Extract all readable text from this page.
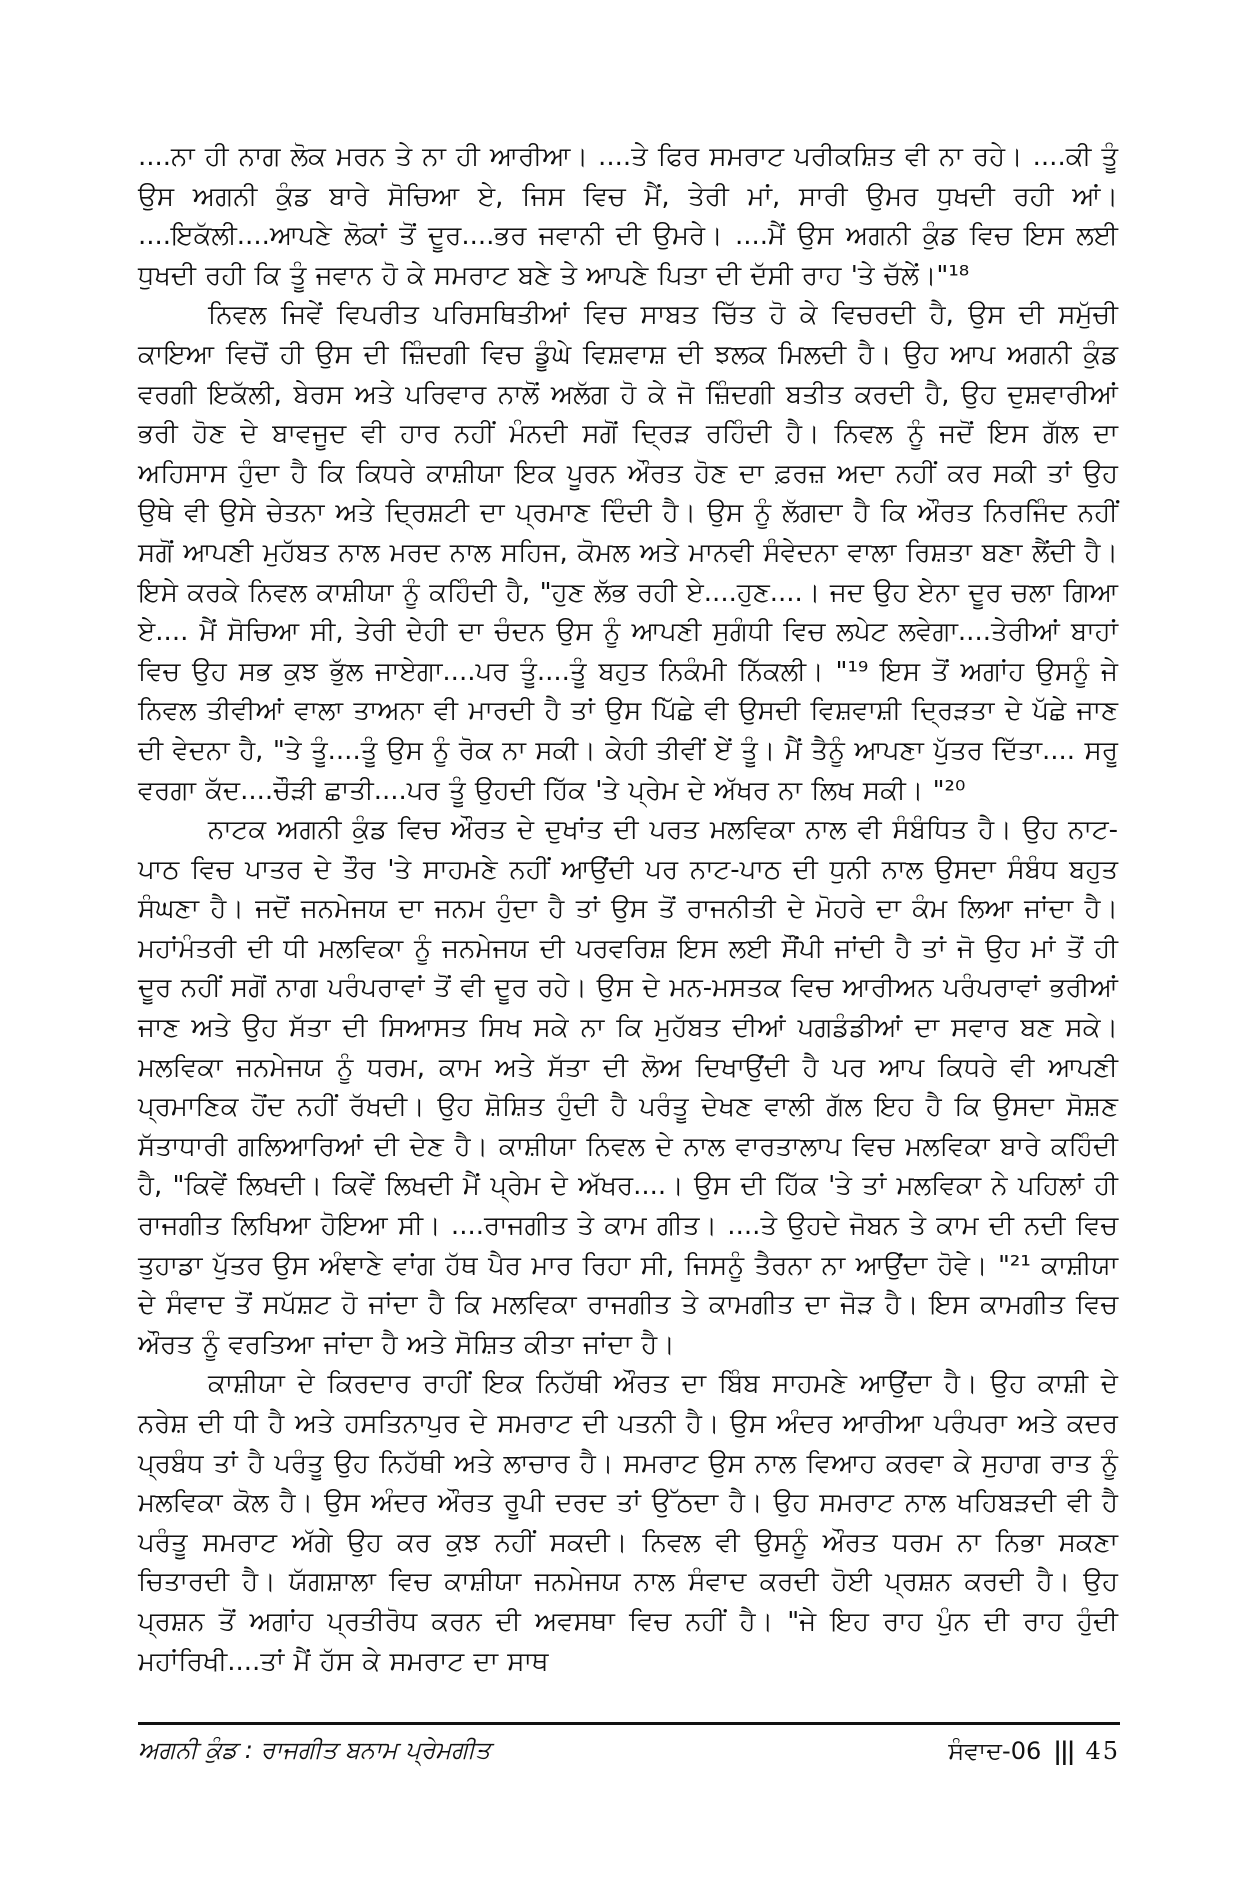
....ਨਾ ਹੀ ਨਾਗ ਲੋਕ ਮਰਨ ਤੇ ਨਾ ਹੀ ਆਰੀਆ। ....ਤੇ ਫਿਰ ਸਮਰਾਟ ਪਰੀਕਸ਼ਿਤ ਵੀ ਨਾ ਰਹੇ। ....ਕੀ ਤੂੰ ਉਸ ਅਗਨੀ ਕੁੰਡ ਬਾਰੇ ਸੋਚਿਆ ਏ, ਜਿਸ ਵਿਚ ਮੈਂ, ਤੇਰੀ ਮਾਂ, ਸਾਰੀ ਉਮਰ ਧੁਖਦੀ ਰਹੀ ਆਂ। ....ਇਕੱਲੀ....ਆਪਣੇ ਲੋਕਾਂ ਤੋਂ ਦੂਰ....ਭਰ ਜਵਾਨੀ ਦੀ ਉਮਰੇ। ....ਮੈਂ ਉਸ ਅਗਨੀ ਕੁੰਡ ਵਿਚ ਇਸ ਲਈ ਧੁਖਦੀ ਰਹੀ ਕਿ ਤੂੰ ਜਵਾਨ ਹੋ ਕੇ ਸਮਰਾਟ ਬਣੇ ਤੇ ਆਪਣੇ ਪਿਤਾ ਦੀ ਦੱਸੀ ਰਾਹ 'ਤੇ ਚੱਲੇਂ।"¹⁸

ਨਿਵਲ ਜਿਵੇਂ ਵਿਪਰੀਤ ਪਰਿਸਥਿਤੀਆਂ ਵਿਚ ਸਾਬਤ ਚਿੱਤ ਹੋ ਕੇ ਵਿਚਰਦੀ ਹੈ, ਉਸ ਦੀ ਸਮੁੱਚੀ ਕਾਇਆ ਵਿਚੋਂ ਹੀ ਉਸ ਦੀ ਜ਼ਿੰਦਗੀ ਵਿਚ ਡੂੰਘੇ ਵਿਸ਼ਵਾਸ਼ ਦੀ ਝਲਕ ਮਿਲਦੀ ਹੈ। ਉਹ ਆਪ ਅਗਨੀ ਕੁੰਡ ਵਰਗੀ ਇਕੱਲੀ, ਬੇਰਸ ਅਤੇ ਪਰਿਵਾਰ ਨਾਲੋਂ ਅਲੱਗ ਹੋ ਕੇ ਜੋ ਜ਼ਿੰਦਗੀ ਬਤੀਤ ਕਰਦੀ ਹੈ, ਉਹ ਦੁਸ਼ਵਾਰੀਆਂ ਭਰੀ ਹੋਣ ਦੇ ਬਾਵਜੂਦ ਵੀ ਹਾਰ ਨਹੀਂ ਮੰਨਦੀ ਸਗੋਂ ਦ੍ਰਿੜ ਰਹਿੰਦੀ ਹੈ। ਨਿਵਲ ਨੂੰ ਜਦੋਂ ਇਸ ਗੱਲ ਦਾ ਅਹਿਸਾਸ ਹੁੰਦਾ ਹੈ ਕਿ ਕਿਧਰੇ ਕਾਸ਼ੀਯਾ ਇਕ ਪੂਰਨ ਔਰਤ ਹੋਣ ਦਾ ਫ਼ਰਜ਼ ਅਦਾ ਨਹੀਂ ਕਰ ਸਕੀ ਤਾਂ ਉਹ ਉਥੇ ਵੀ ਉਸੇ ਚੇਤਨਾ ਅਤੇ ਦ੍ਰਿਸ਼ਟੀ ਦਾ ਪ੍ਰਮਾਣ ਦਿੰਦੀ ਹੈ। ਉਸ ਨੂੰ ਲੱਗਦਾ ਹੈ ਕਿ ਔਰਤ ਨਿਰਜਿੰਦ ਨਹੀਂ ਸਗੋਂ ਆਪਣੀ ਮੁਹੱਬਤ ਨਾਲ ਮਰਦ ਨਾਲ ਸਹਿਜ, ਕੋਮਲ ਅਤੇ ਮਾਨਵੀ ਸੰਵੇਦਨਾ ਵਾਲਾ ਰਿਸ਼ਤਾ ਬਣਾ ਲੈਂਦੀ ਹੈ। ਇਸੇ ਕਰਕੇ ਨਿਵਲ ਕਾਸ਼ੀਯਾ ਨੂੰ ਕਹਿੰਦੀ ਹੈ, "ਹੁਣ ਲੱਭ ਰਹੀ ਏ....ਹੁਣ....। ਜਦ ਉਹ ਏਨਾ ਦੂਰ ਚਲਾ ਗਿਆ ਏ.... ਮੈਂ ਸੋਚਿਆ ਸੀ, ਤੇਰੀ ਦੇਹੀ ਦਾ ਚੰਦਨ ਉਸ ਨੂੰ ਆਪਣੀ ਸੁਗੰਧੀ ਵਿਚ ਲਪੇਟ ਲਵੇਗਾ....ਤੇਰੀਆਂ ਬਾਹਾਂ ਵਿਚ ਉਹ ਸਭ ਕੁਝ ਭੁੱਲ ਜਾਏਗਾ....ਪਰ ਤੂੰ....ਤੂੰ ਬਹੁਤ ਨਿਕੰਮੀ ਨਿੱਕਲੀ। "¹⁹ ਇਸ ਤੋਂ ਅਗਾਂਹ ਉਸਨੂੰ ਜੇ ਨਿਵਲ ਤੀਵੀਆਂ ਵਾਲਾ ਤਾਅਨਾ ਵੀ ਮਾਰਦੀ ਹੈ ਤਾਂ ਉਸ ਪਿੱਛੇ ਵੀ ਉਸਦੀ ਵਿਸ਼ਵਾਸ਼ੀ ਦ੍ਰਿੜਤਾ ਦੇ ਪੱਛੇ ਜਾਣ ਦੀ ਵੇਦਨਾ ਹੈ, "ਤੇ ਤੂੰ....ਤੂੰ ਉਸ ਨੂੰ ਰੋਕ ਨਾ ਸਕੀ। ਕੇਹੀ ਤੀਵੀਂ ਏਂ ਤੂੰ। ਮੈਂ ਤੈਨੂੰ ਆਪਣਾ ਪੁੱਤਰ ਦਿੱਤਾ.... ਸਰੂ ਵਰਗਾ ਕੱਦ....ਚੌੜੀ ਛਾਤੀ....ਪਰ ਤੂੰ ਉਹਦੀ ਹਿੱਕ 'ਤੇ ਪ੍ਰੇਮ ਦੇ ਅੱਖਰ ਨਾ ਲਿਖ ਸਕੀ। "²⁰

ਨਾਟਕ ਅਗਨੀ ਕੁੰਡ ਵਿਚ ਔਰਤ ਦੇ ਦੁਖਾਂਤ ਦੀ ਪਰਤ ਮਲਵਿਕਾ ਨਾਲ ਵੀ ਸੰਬੰਧਿਤ ਹੈ। ਉਹ ਨਾਟ-ਪਾਠ ਵਿਚ ਪਾਤਰ ਦੇ ਤੌਰ 'ਤੇ ਸਾਹਮਣੇ ਨਹੀਂ ਆਉਂਦੀ ਪਰ ਨਾਟ-ਪਾਠ ਦੀ ਧੁਨੀ ਨਾਲ ਉਸਦਾ ਸੰਬੰਧ ਬਹੁਤ ਸੰਘਣਾ ਹੈ। ਜਦੋਂ ਜਨਮੇਜਯ ਦਾ ਜਨਮ ਹੁੰਦਾ ਹੈ ਤਾਂ ਉਸ ਤੋਂ ਰਾਜਨੀਤੀ ਦੇ ਮੋਹਰੇ ਦਾ ਕੰਮ ਲਿਆ ਜਾਂਦਾ ਹੈ। ਮਹਾਂਮੰਤਰੀ ਦੀ ਧੀ ਮਲਵਿਕਾ ਨੂੰ ਜਨਮੇਜਯ ਦੀ ਪਰਵਰਿਸ਼ ਇਸ ਲਈ ਸੌਂਪੀ ਜਾਂਦੀ ਹੈ ਤਾਂ ਜੋ ਉਹ ਮਾਂ ਤੋਂ ਹੀ ਦੂਰ ਨਹੀਂ ਸਗੋਂ ਨਾਗ ਪਰੰਪਰਾਵਾਂ ਤੋਂ ਵੀ ਦੂਰ ਰਹੇ। ਉਸ ਦੇ ਮਨ-ਮਸਤਕ ਵਿਚ ਆਰੀਅਨ ਪਰੰਪਰਾਵਾਂ ਭਰੀਆਂ ਜਾਣ ਅਤੇ ਉਹ ਸੱਤਾ ਦੀ ਸਿਆਸਤ ਸਿਖ ਸਕੇ ਨਾ ਕਿ ਮੁਹੱਬਤ ਦੀਆਂ ਪਗਡੰਡੀਆਂ ਦਾ ਸਵਾਰ ਬਣ ਸਕੇ। ਮਲਵਿਕਾ ਜਨਮੇਜਯ ਨੂੰ ਧਰਮ, ਕਾਮ ਅਤੇ ਸੱਤਾ ਦੀ ਲੋਅ ਦਿਖਾਉਂਦੀ ਹੈ ਪਰ ਆਪ ਕਿਧਰੇ ਵੀ ਆਪਣੀ ਪ੍ਰਮਾਣਿਕ ਹੋਂਦ ਨਹੀਂ ਰੱਖਦੀ। ਉਹ ਸ਼ੋਸ਼ਿਤ ਹੁੰਦੀ ਹੈ ਪਰੰਤੂ ਦੇਖਣ ਵਾਲੀ ਗੱਲ ਇਹ ਹੈ ਕਿ ਉਸਦਾ ਸੋਸ਼ਣ ਸੱਤਾਧਾਰੀ ਗਲਿਆਰਿਆਂ ਦੀ ਦੇਣ ਹੈ। ਕਾਸ਼ੀਯਾ ਨਿਵਲ ਦੇ ਨਾਲ ਵਾਰਤਾਲਾਪ ਵਿਚ ਮਲਵਿਕਾ ਬਾਰੇ ਕਹਿੰਦੀ ਹੈ, "ਕਿਵੇਂ ਲਿਖਦੀ। ਕਿਵੇਂ ਲਿਖਦੀ ਮੈਂ ਪ੍ਰੇਮ ਦੇ ਅੱਖਰ....। ਉਸ ਦੀ ਹਿੱਕ 'ਤੇ ਤਾਂ ਮਲਵਿਕਾ ਨੇ ਪਹਿਲਾਂ ਹੀ ਰਾਜਗੀਤ ਲਿਖਿਆ ਹੋਇਆ ਸੀ। ....ਰਾਜਗੀਤ ਤੇ ਕਾਮ ਗੀਤ। ....ਤੇ ਉਹਦੇ ਜੋਬਨ ਤੇ ਕਾਮ ਦੀ ਨਦੀ ਵਿਚ ਤੁਹਾਡਾ ਪੁੱਤਰ ਉਸ ਅੰਞਾਣੇ ਵਾਂਗ ਹੱਥ ਪੈਰ ਮਾਰ ਰਿਹਾ ਸੀ, ਜਿਸਨੂੰ ਤੈਰਨਾ ਨਾ ਆਉਂਦਾ ਹੋਵੇ। "²¹ ਕਾਸ਼ੀਯਾ ਦੇ ਸੰਵਾਦ ਤੋਂ ਸਪੱਸ਼ਟ ਹੋ ਜਾਂਦਾ ਹੈ ਕਿ ਮਲਵਿਕਾ ਰਾਜਗੀਤ ਤੇ ਕਾਮਗੀਤ ਦਾ ਜੋੜ ਹੈ। ਇਸ ਕਾਮਗੀਤ ਵਿਚ ਔਰਤ ਨੂੰ ਵਰਤਿਆ ਜਾਂਦਾ ਹੈ ਅਤੇ ਸੋਸ਼ਿਤ ਕੀਤਾ ਜਾਂਦਾ ਹੈ।

ਕਾਸ਼ੀਯਾ ਦੇ ਕਿਰਦਾਰ ਰਾਹੀਂ ਇਕ ਨਿਹੱਥੀ ਔਰਤ ਦਾ ਬਿੰਬ ਸਾਹਮਣੇ ਆਉਂਦਾ ਹੈ। ਉਹ ਕਾਸ਼ੀ ਦੇ ਨਰੇਸ਼ ਦੀ ਧੀ ਹੈ ਅਤੇ ਹਸਤਿਨਾਪੁਰ ਦੇ ਸਮਰਾਟ ਦੀ ਪਤਨੀ ਹੈ। ਉਸ ਅੰਦਰ ਆਰੀਆ ਪਰੰਪਰਾ ਅਤੇ ਕਦਰ ਪ੍ਰਬੰਧ ਤਾਂ ਹੈ ਪਰੰਤੂ ਉਹ ਨਿਹੱਥੀ ਅਤੇ ਲਾਚਾਰ ਹੈ। ਸਮਰਾਟ ਉਸ ਨਾਲ ਵਿਆਹ ਕਰਵਾ ਕੇ ਸੁਹਾਗ ਰਾਤ ਨੂੰ ਮਲਵਿਕਾ ਕੋਲ ਹੈ। ਉਸ ਅੰਦਰ ਔਰਤ ਰੂਪੀ ਦਰਦ ਤਾਂ ਉੱਠਦਾ ਹੈ। ਉਹ ਸਮਰਾਟ ਨਾਲ ਖਹਿਬੜਦੀ ਵੀ ਹੈ ਪਰੰਤੂ ਸਮਰਾਟ ਅੱਗੇ ਉਹ ਕਰ ਕੁਝ ਨਹੀਂ ਸਕਦੀ। ਨਿਵਲ ਵੀ ਉਸਨੂੰ ਔਰਤ ਧਰਮ ਨਾ ਨਿਭਾ ਸਕਣਾ ਚਿਤਾਰਦੀ ਹੈ। ਯੱਗਸ਼ਾਲਾ ਵਿਚ ਕਾਸ਼ੀਯਾ ਜਨਮੇਜਯ ਨਾਲ ਸੰਵਾਦ ਕਰਦੀ ਹੋਈ ਪ੍ਰਸ਼ਨ ਕਰਦੀ ਹੈ। ਉਹ ਪ੍ਰਸ਼ਨ ਤੋਂ ਅਗਾਂਹ ਪ੍ਰਤੀਰੋਧ ਕਰਨ ਦੀ ਅਵਸਥਾ ਵਿਚ ਨਹੀਂ ਹੈ। "ਜੇ ਇਹ ਰਾਹ ਪੁੰਨ ਦੀ ਰਾਹ ਹੁੰਦੀ ਮਹਾਂਰਿਖੀ....ਤਾਂ ਮੈਂ ਹੱਸ ਕੇ ਸਮਰਾਟ ਦਾ ਸਾਥ

ਅਗਨੀ ਕੁੰਡ : ਰਾਜਗੀਤ ਬਨਾਮ ਪ੍ਰੇਮਗੀਤ	ਸੰਵਾਦ-06 ||| 45
